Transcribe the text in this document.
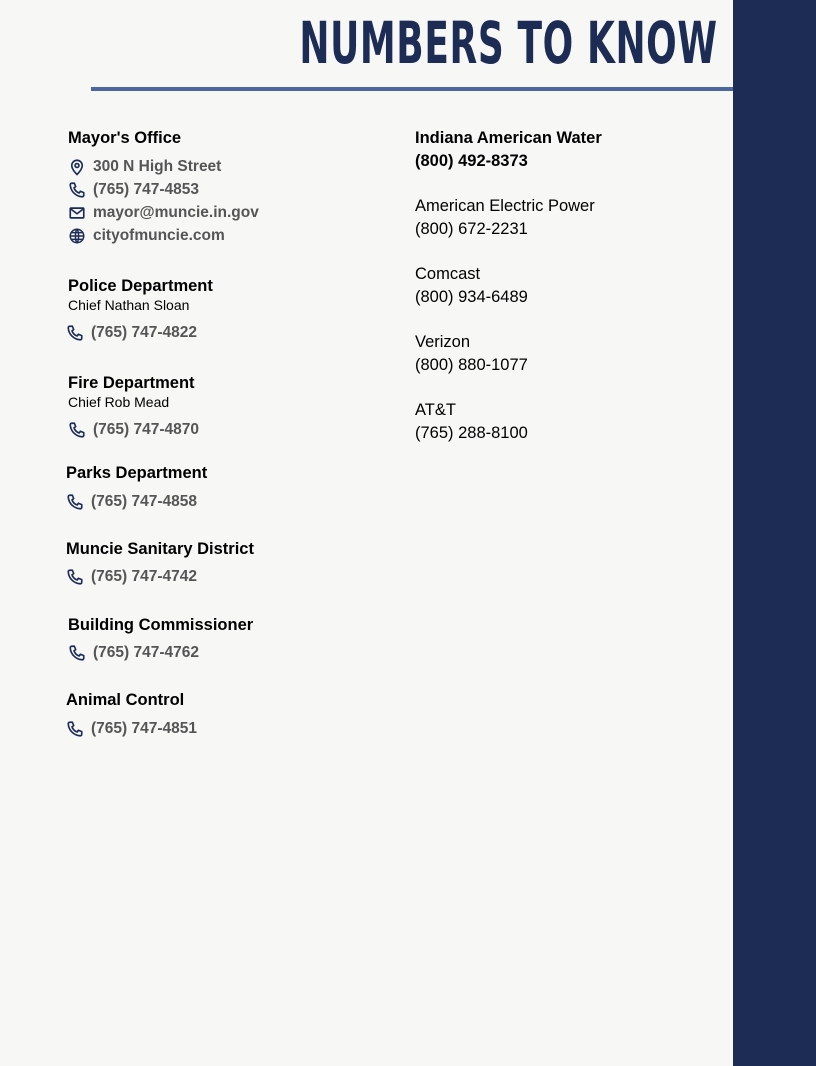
NUMBERS TO KNOW
Mayor's Office
300 N High Street
(765) 747-4853
mayor@muncie.in.gov
cityofmuncie.com
Police Department
Chief Nathan Sloan
(765) 747-4822
Fire Department
Chief Rob Mead
(765) 747-4870
Parks Department
(765) 747-4858
Muncie Sanitary District
(765) 747-4742
Building Commissioner
(765) 747-4762
Animal Control
(765) 747-4851
Indiana American Water
(800) 492-8373
American Electric Power
(800) 672-2231
Comcast
(800) 934-6489
Verizon
(800) 880-1077
AT&T
(765) 288-8100
